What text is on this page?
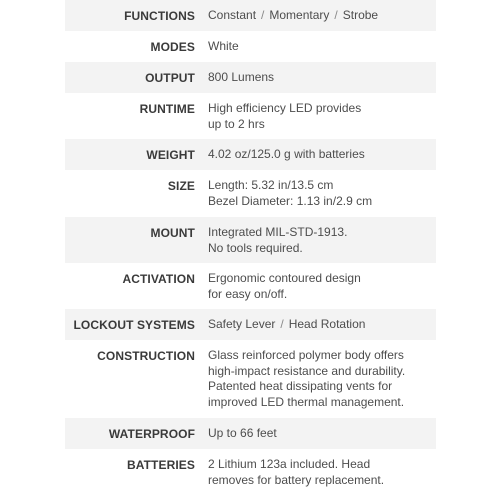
FUNCTIONS Constant / Momentary / Strobe
MODES White
OUTPUT 800 Lumens
RUNTIME High efficiency LED provides
up to 2 hrs
WEIGHT 4.02 oz/125.0 g with batteries
SIZE Length: 5.32 in/13.5 cm
Bezel Diameter: 1.13 in/2.9 cm
MOUNT Integrated MIL-STD-1913.
No tools required.
ACTIVATION Ergonomic contoured design
for easy on/off.
LOCKOUT SYSTEMS Safety Lever / Head Rotation
CONSTRUCTION Glass reinforced polymer body offers
high-impact resistance and durability.
Patented heat dissipating vents for
improved LED thermal management.
WATERPROOF Up to 66 feet
BATTERIES 2 Lithium 123a included. Head
removes for battery replacement.
